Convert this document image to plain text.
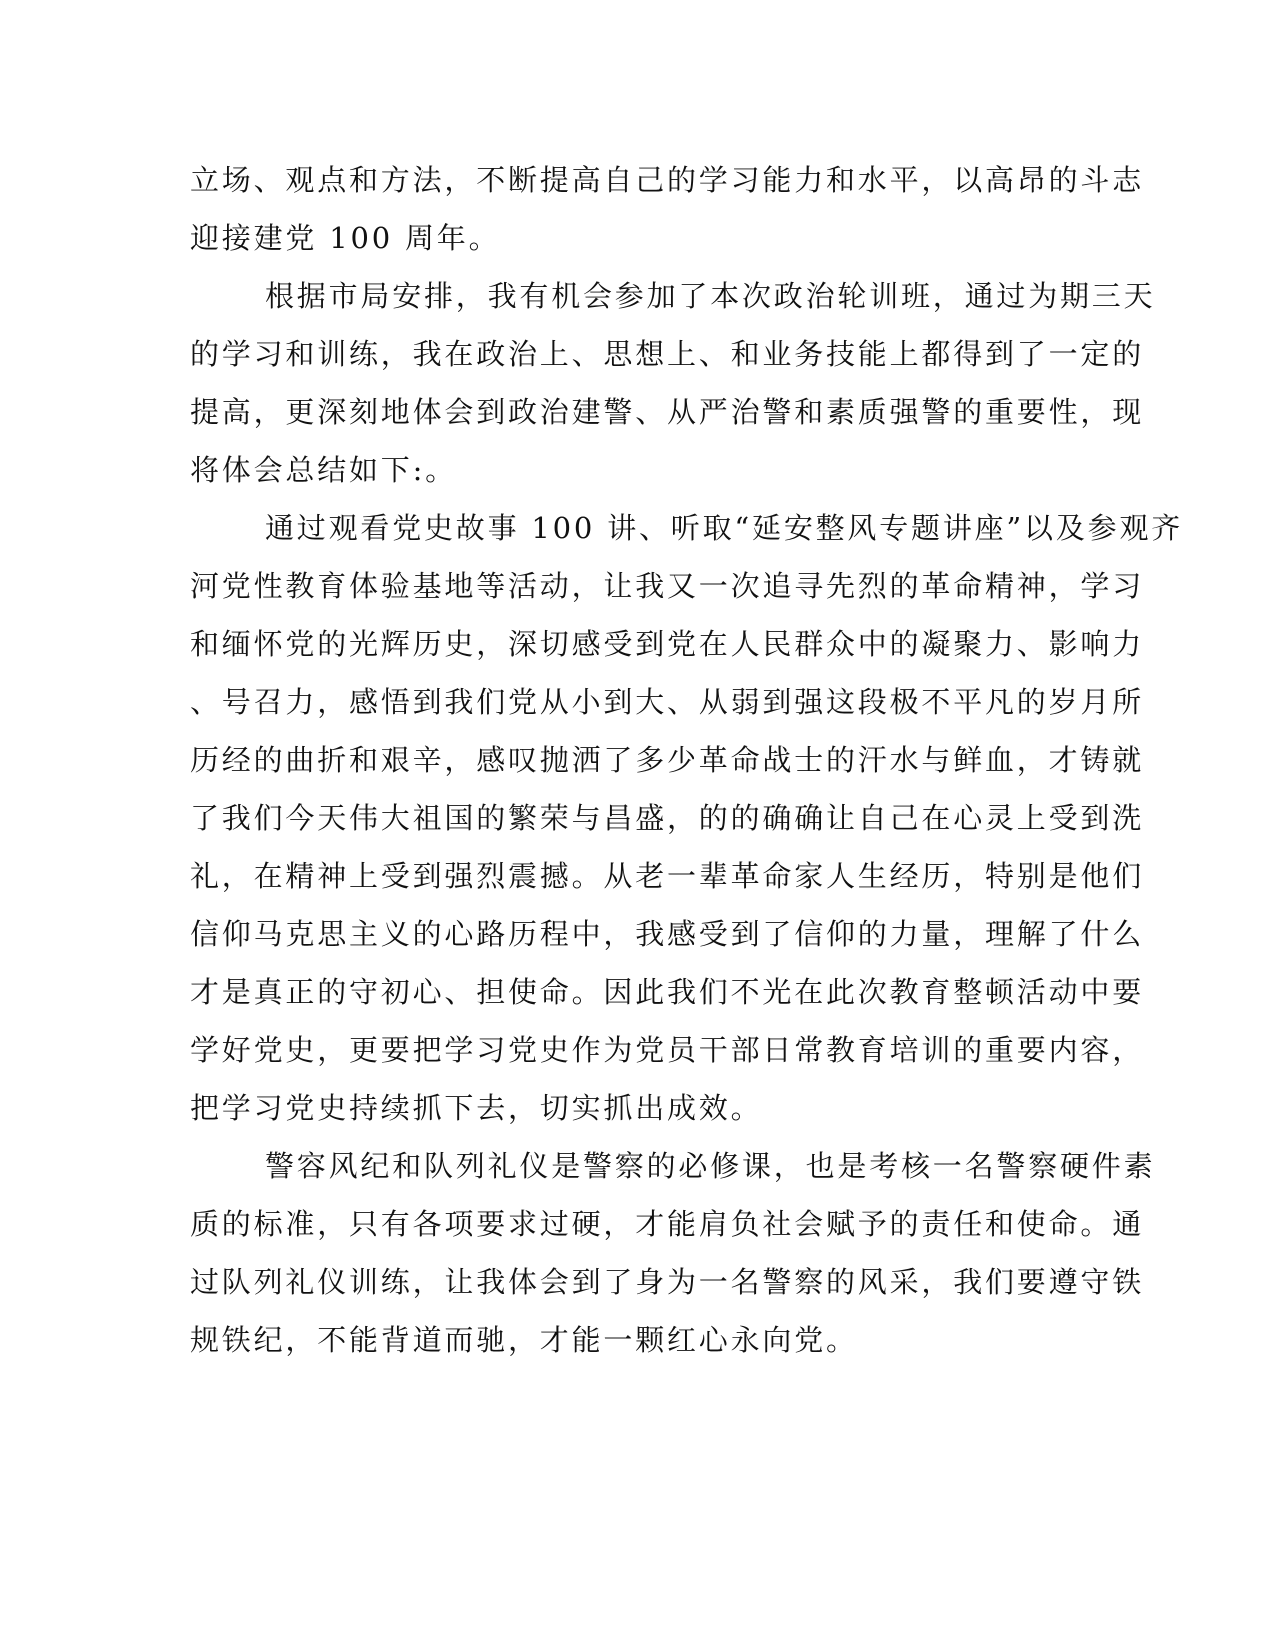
立场、观点和方法，不断提高自己的学习能力和水平，以高昂的斗志

迎接建党 100 周年。

根据市局安排，我有机会参加了本次政治轮训班，通过为期三天

的学习和训练，我在政治上、思想上、和业务技能上都得到了一定的

提高，更深刻地体会到政治建警、从严治警和素质强警的重要性，现

将体会总结如下:。

通过观看党史故事 100 讲、听取“延安整风专题讲座”以及参观齐

河党性教育体验基地等活动，让我又一次追寻先烈的革命精神，学习

和缅怀党的光辉历史，深切感受到党在人民群众中的凝聚力、影响力

、号召力，感悟到我们党从小到大、从弱到强这段极不平凡的岁月所

历经的曲折和艰辛，感叹抛洒了多少革命战士的汗水与鲜血，才铸就

了我们今天伟大祖国的繁荣与昌盛，的的确确让自己在心灵上受到洗

礼，在精神上受到强烈震撼。从老一辈革命家人生经历，特别是他们

信仰马克思主义的心路历程中，我感受到了信仰的力量，理解了什么

才是真正的守初心、担使命。因此我们不光在此次教育整顿活动中要

学好党史，更要把学习党史作为党员干部日常教育培训的重要内容，

把学习党史持续抓下去，切实抓出成效。

警容风纪和队列礼仪是警察的必修课，也是考核一名警察硬件素

质的标准，只有各项要求过硬，才能肩负社会赋予的责任和使命。通

过队列礼仪训练，让我体会到了身为一名警察的风采，我们要遵守铁

规铁纪，不能背道而驰，才能一颗红心永向党。
